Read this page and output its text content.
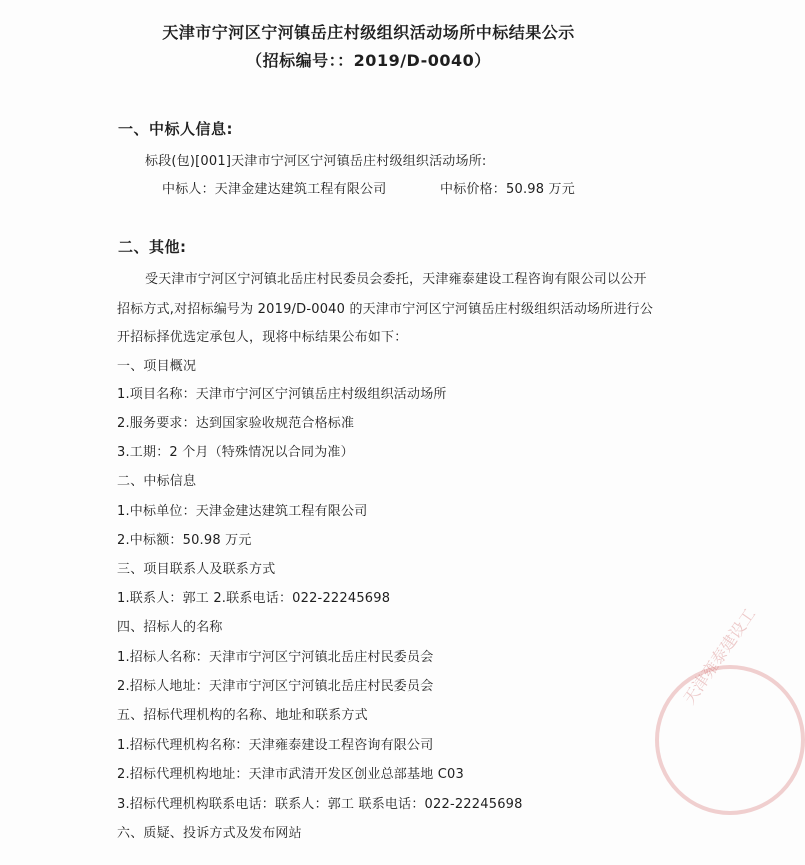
天津市宁河区宁河镇岳庄村级组织活动场所中标结果公示
（招标编号：：2019/D-0040）
一、中标人信息:
标段(包)[001]天津市宁河区宁河镇岳庄村级组织活动场所:
中标人：天津金建达建筑工程有限公司	中标价格：50.98 万元
二、其他:
受天津市宁河区宁河镇北岳庄村民委员会委托，天津雍泰建设工程咨询有限公司以公开
招标方式,对招标编号为 2019/D-0040 的天津市宁河区宁河镇岳庄村级组织活动场所进行公
开招标择优选定承包人，现将中标结果公布如下：
一、项目概况
1.项目名称：天津市宁河区宁河镇岳庄村级组织活动场所
2.服务要求：达到国家验收规范合格标准
3.工期：2 个月（特殊情况以合同为准）
二、中标信息
1.中标单位：天津金建达建筑工程有限公司
2.中标额：50.98 万元
三、项目联系人及联系方式
1.联系人：郭工 2.联系电话：022-22245698
四、招标人的名称
1.招标人名称：天津市宁河区宁河镇北岳庄村民委员会
2.招标人地址：天津市宁河区宁河镇北岳庄村民委员会
五、招标代理机构的名称、地址和联系方式
1.招标代理机构名称：天津雍泰建设工程咨询有限公司
2.招标代理机构地址：天津市武清开发区创业总部基地 C03
3.招标代理机构联系电话：联系人：郭工 联系电话：022-22245698
六、质疑、投诉方式及发布网站
天津雍泰建设工
